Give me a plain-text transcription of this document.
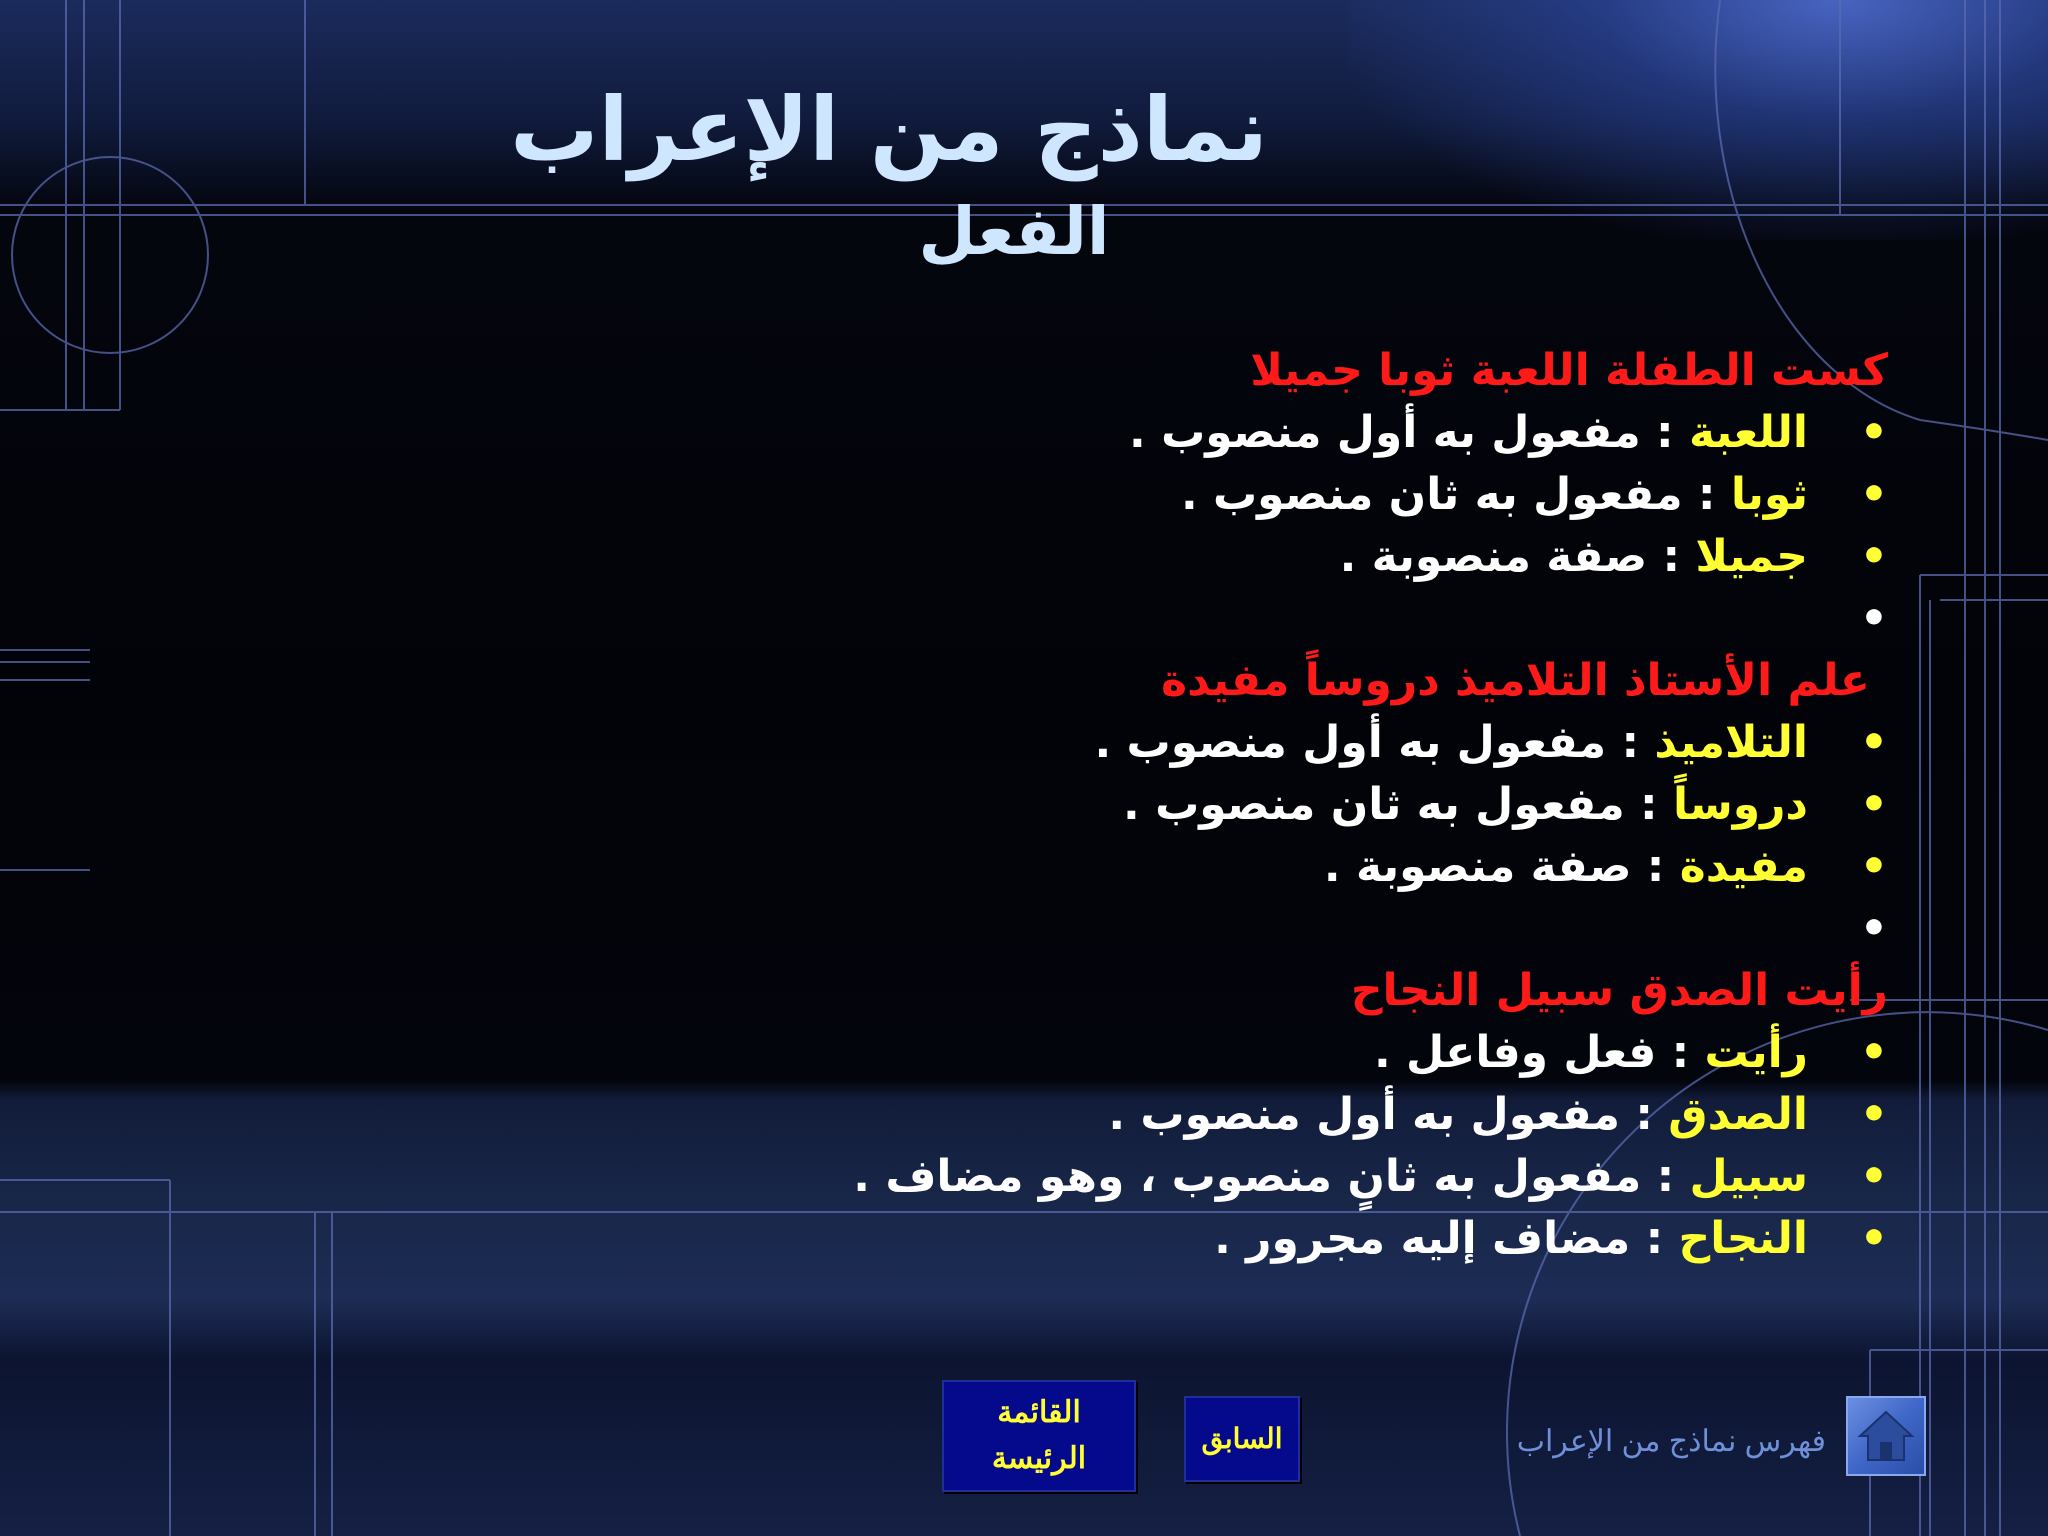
نماذج من الإعراب
الفعل
كست الطفلة اللعبة ثوبا جميلا
•اللعبة : مفعول به أول منصوب .
•ثوبا : مفعول به ثان منصوب .
•جميلا : صفة منصوبة .
•
علم الأستاذ التلاميذ دروساً مفيدة
•التلاميذ : مفعول به أول منصوب .
•دروساً : مفعول به ثان منصوب .
•مفيدة : صفة منصوبة .
•
رأيت الصدق سبيل النجاح
•رأيت : فعل وفاعل .
•الصدق : مفعول به أول منصوب .
•سبيل : مفعول به ثانٍ منصوب ، وهو مضاف .
•النجاح : مضاف إليه مجرور .
القائمة
الرئيسة
السابق	فهرس نماذج من الإعراب
